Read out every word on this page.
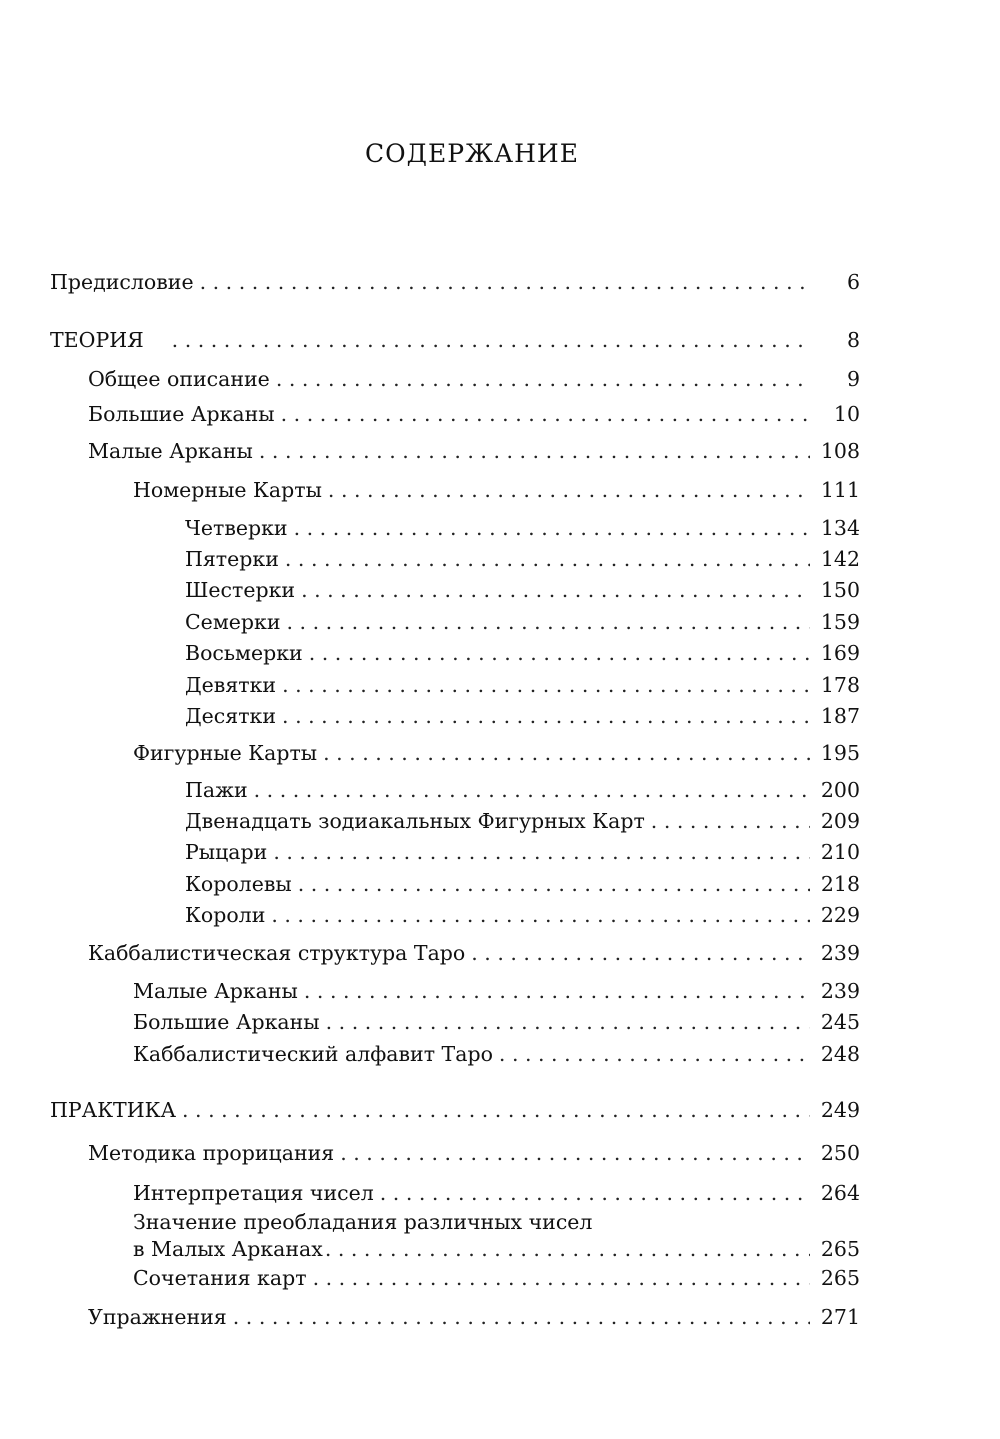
СОДЕРЖАНИЕ
Предисловие . . .	6
ТЕОРИЯ . . .	8
Общее описание . . .	9
Большие Арканы . . .	10
Малые Арканы . . .	108
Номерные Карты . . .	111
Четверки . . .	134
Пятерки . . .	142
Шестерки . . .	150
Семерки . . .	159
Восьмерки . . .	169
Девятки . . .	178
Десятки . . .	187
Фигурные Карты . . .	195
Пажи . . .	200
Двенадцать зодиакальных Фигурных Карт . . .	209
Рыцари . . .	210
Королевы . . .	218
Короли . . .	229
Каббалистическая структура Таро . . .	239
Малые Арканы . . .	239
Большие Арканы . . .	245
Каббалистический алфавит Таро . . .	248
ПРАКТИКА . . .	249
Методика прорицания . . .	250
Интерпретация чисел . . .	264
Значение преобладания различных чисел
в Малых Арканах . . .	265
Сочетания карт . . .	265
Упражнения . . .	271
